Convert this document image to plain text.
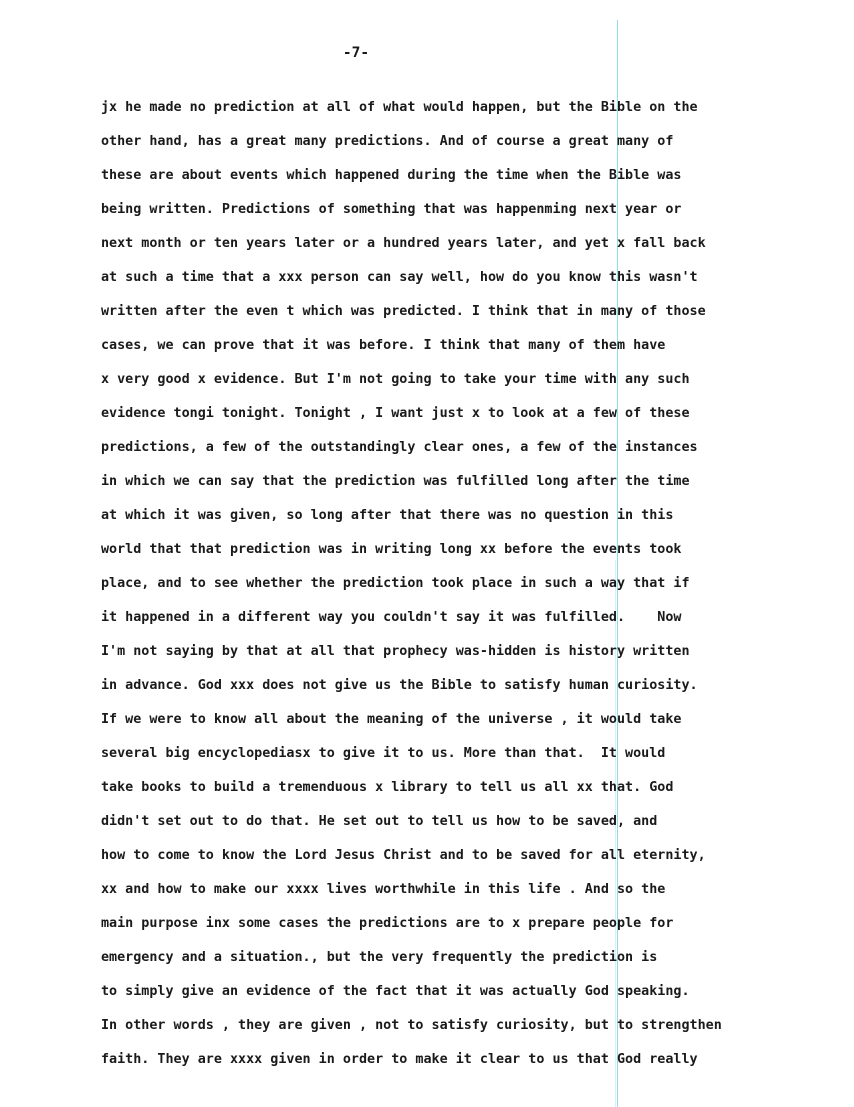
-7-
jx he made no prediction at all of what would happen, but the Bible on the
other hand, has a great many predictions. And of course a great many of
these are about events which happened during the time when the Bible was
being written. Predictions of something that was happenming next year or
next month or ten years later or a hundred years later, and yet x fall back
at such a time that a xxx person can say well, how do you know this wasn't
written after the even t which was predicted. I think that in many of those
cases, we can prove that it was before. I think that many of them have
x very good x evidence. But I'm not going to take your time with any such
evidence tongi tonight. Tonight , I want just x to look at a few of these
predictions, a few of the outstandingly clear ones, a few of the instances
in which we can say that the prediction was fulfilled long after the time
at which it was given, so long after that there was no question in this
world that that prediction was in writing long xx before the events took
place, and to see whether the prediction took place in such a way that if
it happened in a different way you couldn't say it was fulfilled.    Now
I'm not saying by that at all that prophecy was-hidden is history written
in advance. God xxx does not give us the Bible to satisfy human curiosity.
If we were to know all about the meaning of the universe , it would take
several big encyclopediasx to give it to us. More than that.  It would
take books to build a tremenduous x library to tell us all xx that. God
didn't set out to do that. He set out to tell us how to be saved, and
how to come to know the Lord Jesus Christ and to be saved for all eternity,
xx and how to make our xxxx lives worthwhile in this life . And so the
main purpose inx some cases the predictions are to x prepare people for
emergency and a situation., but the very frequently the prediction is
to simply give an evidence of the fact that it was actually God speaking.
In other words , they are given , not to satisfy curiosity, but to strengthen
faith. They are xxxx given in order to make it clear to us that God really
